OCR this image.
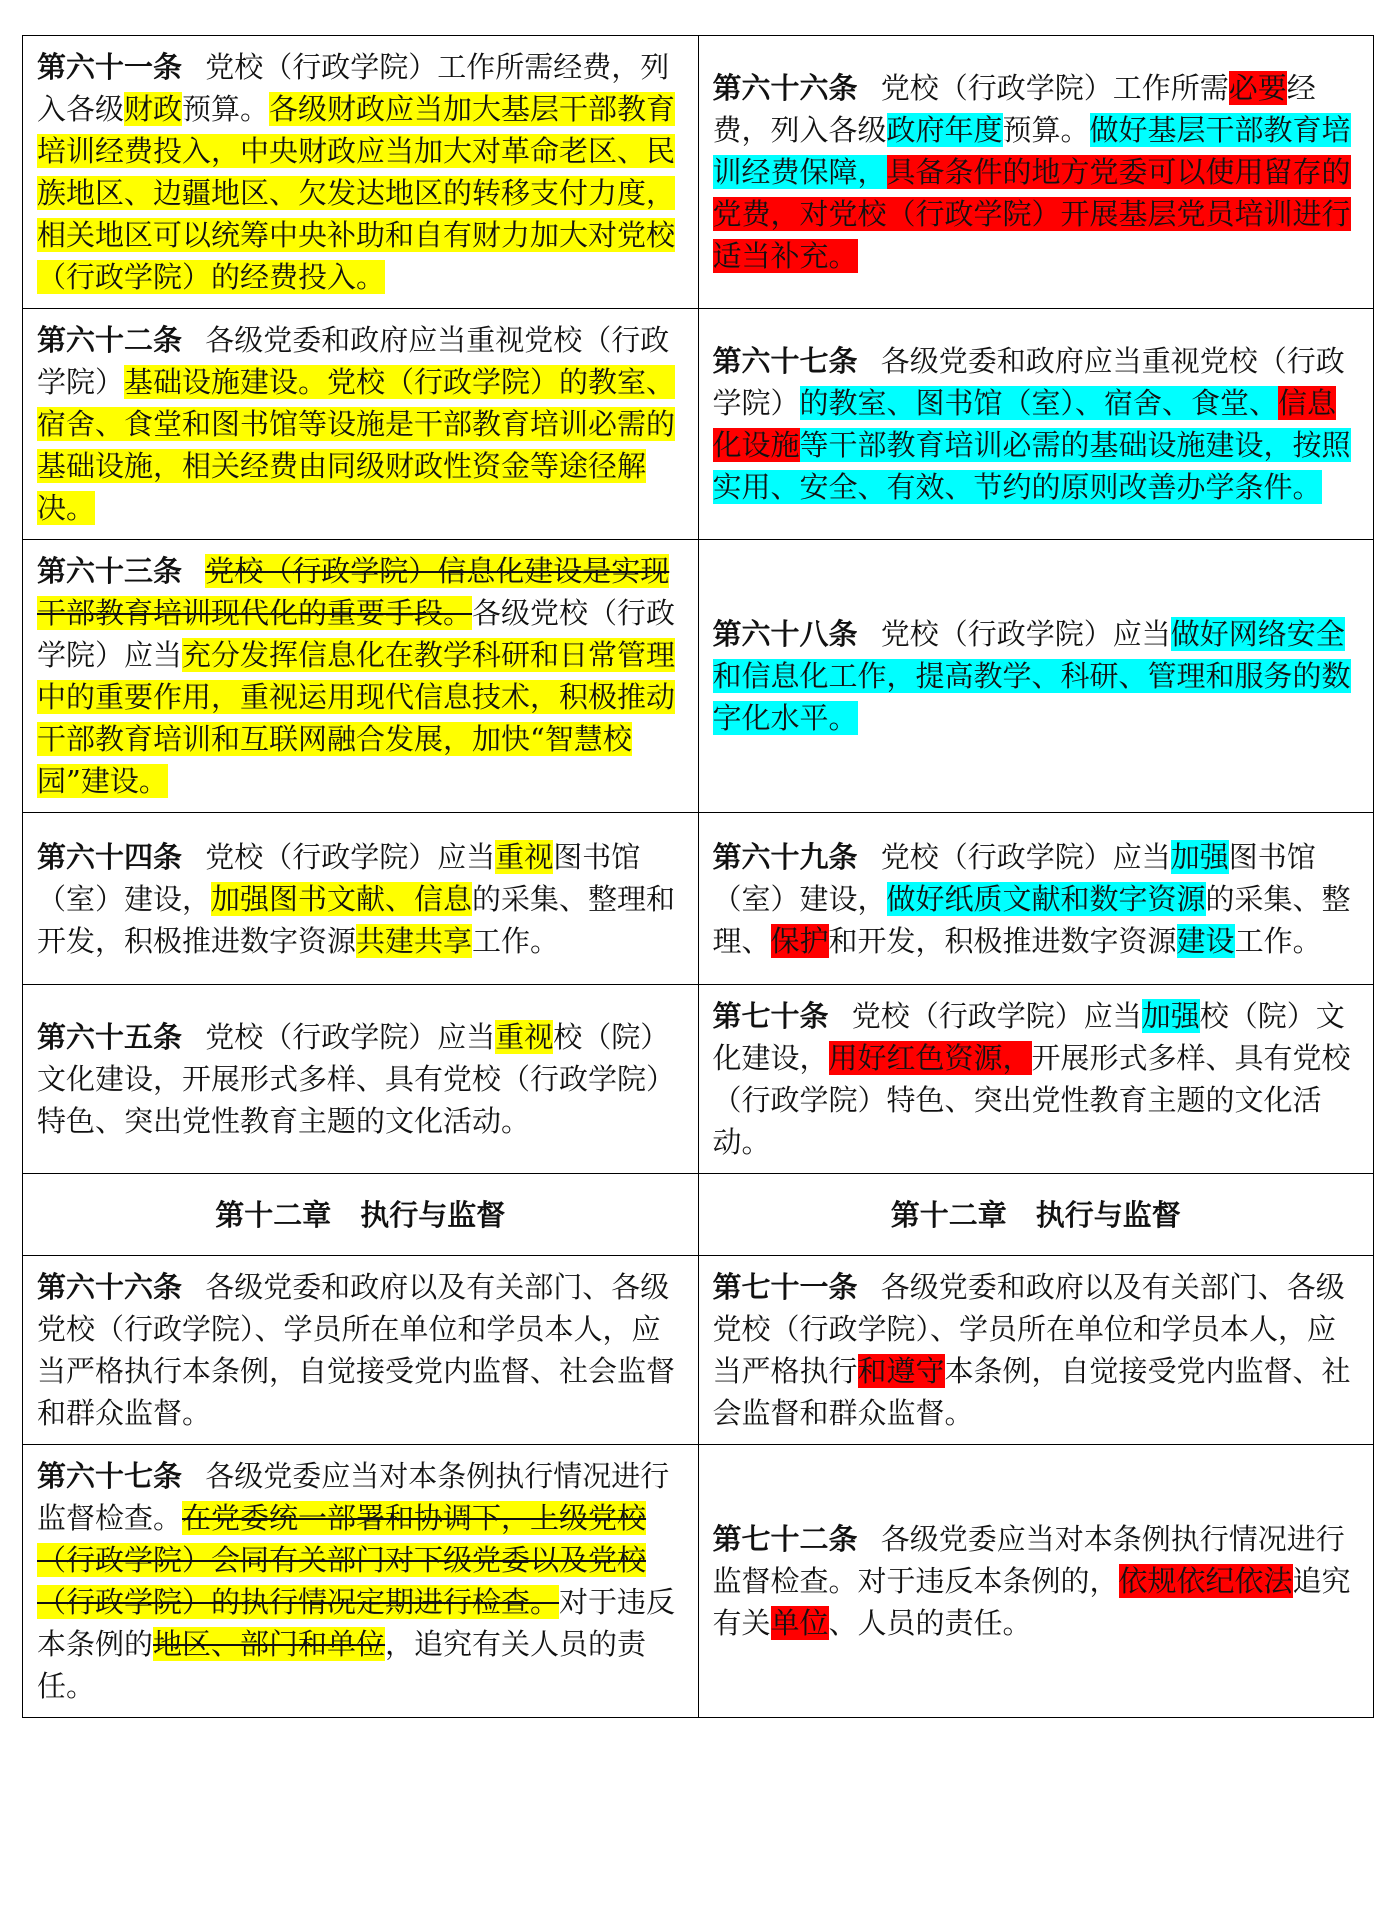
第六十一条 党校（行政学院）工作所需经费，列入各级财政预算。各级财政应当加大基层干部教育培训经费投入，中央财政应当加大对革命老区、民族地区、边疆地区、欠发达地区的转移支付力度，相关地区可以统筹中央补助和自有财力加大对党校（行政学院）的经费投入。	第六十六条 党校（行政学院）工作所需必要经费，列入各级政府年度预算。做好基层干部教育培训经费保障，具备条件的地方党委可以使用留存的党费，对党校（行政学院）开展基层党员培训进行适当补充。
第六十二条 各级党委和政府应当重视党校（行政学院）基础设施建设。党校（行政学院）的教室、宿舍、食堂和图书馆等设施是干部教育培训必需的基础设施，相关经费由同级财政性资金等途径解决。	第六十七条 各级党委和政府应当重视党校（行政学院）的教室、图书馆（室）、宿舍、食堂、信息化设施等干部教育培训必需的基础设施建设，按照实用、安全、有效、节约的原则改善办学条件。
第六十三条 党校（行政学院）信息化建设是实现干部教育培训现代化的重要手段。各级党校（行政学院）应当充分发挥信息化在教学科研和日常管理中的重要作用，重视运用现代信息技术，积极推动干部教育培训和互联网融合发展，加快“智慧校园”建设。	第六十八条 党校（行政学院）应当做好网络安全和信息化工作，提高教学、科研、管理和服务的数字化水平。
第六十四条 党校（行政学院）应当重视图书馆（室）建设，加强图书文献、信息的采集、整理和开发，积极推进数字资源共建共享工作。	第六十九条 党校（行政学院）应当加强图书馆（室）建设，做好纸质文献和数字资源的采集、整理、保护和开发，积极推进数字资源建设工作。
第六十五条 党校（行政学院）应当重视校（院）文化建设，开展形式多样、具有党校（行政学院）特色、突出党性教育主题的文化活动。	第七十条 党校（行政学院）应当加强校（院）文化建设，用好红色资源，开展形式多样、具有党校（行政学院）特色、突出党性教育主题的文化活动。
第十二章　执行与监督	第十二章　执行与监督
第六十六条 各级党委和政府以及有关部门、各级党校（行政学院）、学员所在单位和学员本人，应当严格执行本条例，自觉接受党内监督、社会监督和群众监督。	第七十一条 各级党委和政府以及有关部门、各级党校（行政学院）、学员所在单位和学员本人，应当严格执行和遵守本条例，自觉接受党内监督、社会监督和群众监督。
第六十七条 各级党委应当对本条例执行情况进行监督检查。在党委统一部署和协调下，上级党校（行政学院）会同有关部门对下级党委以及党校（行政学院）的执行情况定期进行检查。对于违反本条例的地区、部门和单位，追究有关人员的责任。	第七十二条 各级党委应当对本条例执行情况进行监督检查。对于违反本条例的，依规依纪依法追究有关单位、人员的责任。
